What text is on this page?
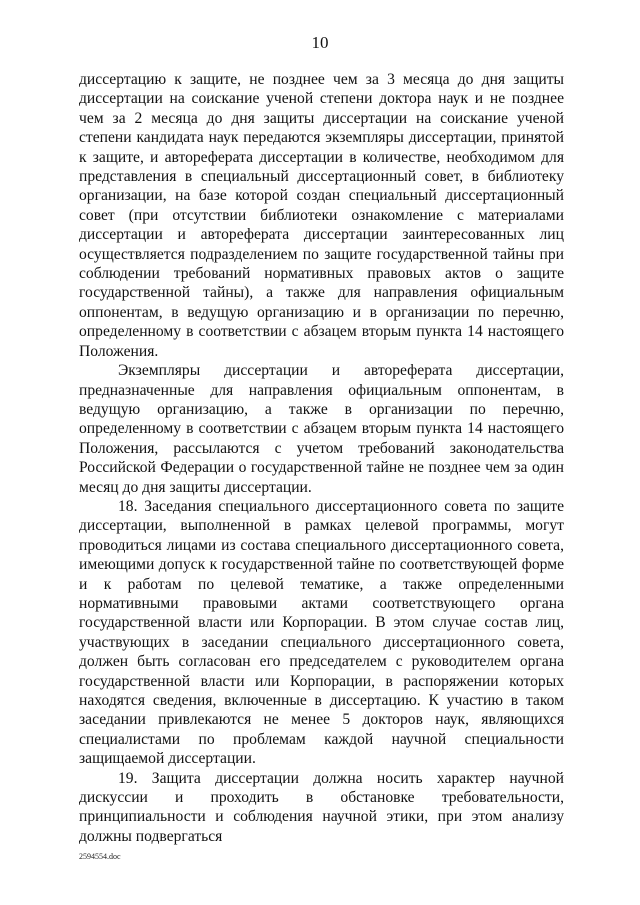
10

диссертацию к защите, не позднее чем за 3 месяца до дня защиты диссертации на соискание ученой степени доктора наук и не позднее чем за 2 месяца до дня защиты диссертации на соискание ученой степени кандидата наук передаются экземпляры диссертации, принятой к защите, и автореферата диссертации в количестве, необходимом для представления в специальный диссертационный совет, в библиотеку организации, на базе которой создан специальный диссертационный совет (при отсутствии библиотеки ознакомление с материалами диссертации и автореферата диссертации заинтересованных лиц осуществляется подразделением по защите государственной тайны при соблюдении требований нормативных правовых актов о защите государственной тайны), а также для направления официальным оппонентам, в ведущую организацию и в организации по перечню, определенному в соответствии с абзацем вторым пункта 14 настоящего Положения.

Экземпляры диссертации и автореферата диссертации, предназначенные для направления официальным оппонентам, в ведущую организацию, а также в организации по перечню, определенному в соответствии с абзацем вторым пункта 14 настоящего Положения, рассылаются с учетом требований законодательства Российской Федерации о государственной тайне не позднее чем за один месяц до дня защиты диссертации.

18. Заседания специального диссертационного совета по защите диссертации, выполненной в рамках целевой программы, могут проводиться лицами из состава специального диссертационного совета, имеющими допуск к государственной тайне по соответствующей форме и к работам по целевой тематике, а также определенными нормативными правовыми актами соответствующего органа государственной власти или Корпорации. В этом случае состав лиц, участвующих в заседании специального диссертационного совета, должен быть согласован его председателем с руководителем органа государственной власти или Корпорации, в распоряжении которых находятся сведения, включенные в диссертацию. К участию в таком заседании привлекаются не менее 5 докторов наук, являющихся специалистами по проблемам каждой научной специальности защищаемой диссертации.

19. Защита диссертации должна носить характер научной дискуссии и проходить в обстановке требовательности, принципиальности и соблюдения научной этики, при этом анализу должны подвергаться

2594554.doc
